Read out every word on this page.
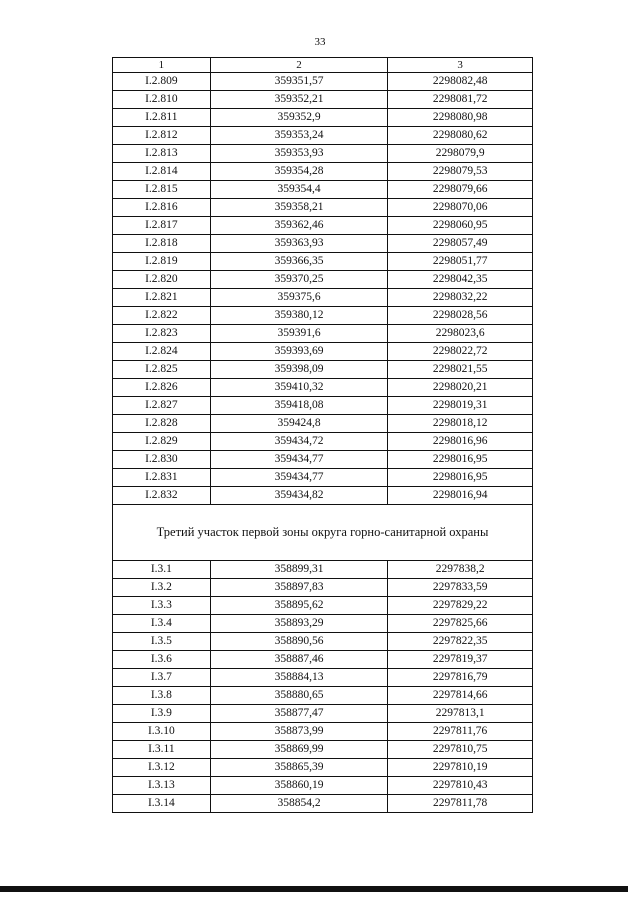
33
1	2	3
I.2.809	359351,57	2298082,48
I.2.810	359352,21	2298081,72
I.2.811	359352,9	2298080,98
I.2.812	359353,24	2298080,62
I.2.813	359353,93	2298079,9
I.2.814	359354,28	2298079,53
I.2.815	359354,4	2298079,66
I.2.816	359358,21	2298070,06
I.2.817	359362,46	2298060,95
I.2.818	359363,93	2298057,49
I.2.819	359366,35	2298051,77
I.2.820	359370,25	2298042,35
I.2.821	359375,6	2298032,22
I.2.822	359380,12	2298028,56
I.2.823	359391,6	2298023,6
I.2.824	359393,69	2298022,72
I.2.825	359398,09	2298021,55
I.2.826	359410,32	2298020,21
I.2.827	359418,08	2298019,31
I.2.828	359424,8	2298018,12
I.2.829	359434,72	2298016,96
I.2.830	359434,77	2298016,95
I.2.831	359434,77	2298016,95
I.2.832	359434,82	2298016,94
Третий участок первой зоны округа горно-санитарной охраны		
I.3.1	358899,31	2297838,2
I.3.2	358897,83	2297833,59
I.3.3	358895,62	2297829,22
I.3.4	358893,29	2297825,66
I.3.5	358890,56	2297822,35
I.3.6	358887,46	2297819,37
I.3.7	358884,13	2297816,79
I.3.8	358880,65	2297814,66
I.3.9	358877,47	2297813,1
I.3.10	358873,99	2297811,76
I.3.11	358869,99	2297810,75
I.3.12	358865,39	2297810,19
I.3.13	358860,19	2297810,43
I.3.14	358854,2	2297811,78
